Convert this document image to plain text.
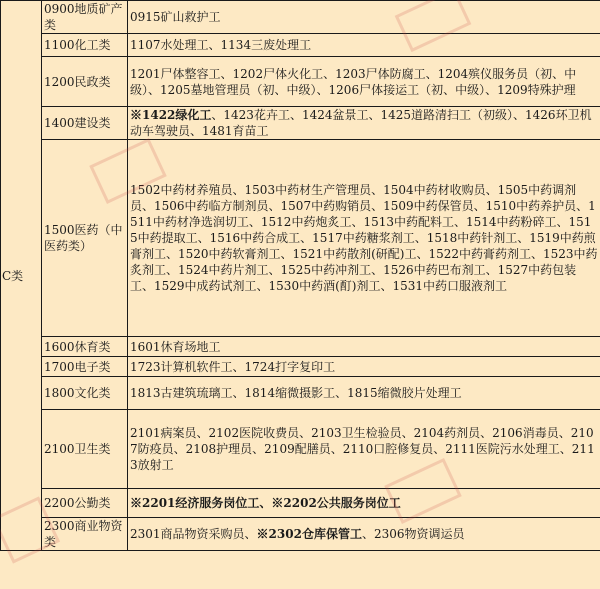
C类	0900地质矿产类	0915矿山救护工
	1100化工类	1107水处理工、1134三废处理工
	1200民政类	1201尸体整容工、1202尸体火化工、1203尸体防腐工、1204殡仪服务员（初、中级）、1205墓地管理员（初、中级）、1206尸体接运工（初、中级）、1209特殊护理
	1400建设类	※1422绿化工、1423花卉工、1424盆景工、1425道路清扫工（初级）、1426环卫机动车驾驶员、1481育苗工
	1500医药（中医药类）	1502中药材养殖员、1503中药材生产管理员、1504中药材收购员、1505中药调剂员、1506中药临方制剂员、1507中药购销员、1509中药保管员、1510中药养护员、1511中药材净选润切工、1512中药炮炙工、1513中药配料工、1514中药粉碎工、1515中药提取工、1516中药合成工、1517中药糖浆剂工、1518中药针剂工、1519中药煎膏剂工、1520中药软膏剂工、1521中药散剂(研配)工、1522中药膏药剂工、1523中药炙剂工、1524中药片剂工、1525中药冲剂工、1526中药巴布剂工、1527中药包装工、1529中成药试剂工、1530中药酒(酊)剂工、1531中药口服液剂工
	1600休育类	1601休育场地工
	1700电子类	1723计算机软件工、1724打字复印工
	1800文化类	1813古建筑琉璃工、1814缩微摄影工、1815缩微胶片处理工
	2100卫生类	2101病案员、2102医院收费员、2103卫生检验员、2104药剂员、2106消毒员、2107防疫员、2108护理员、2109配膳员、2110口腔修复员、2111医院污水处理工、2113放射工
	2200公勤类	※2201经济服务岗位工、※2202公共服务岗位工
	2300商业物资类	2301商品物资采购员、※2302仓库保管工、2306物资调运员
